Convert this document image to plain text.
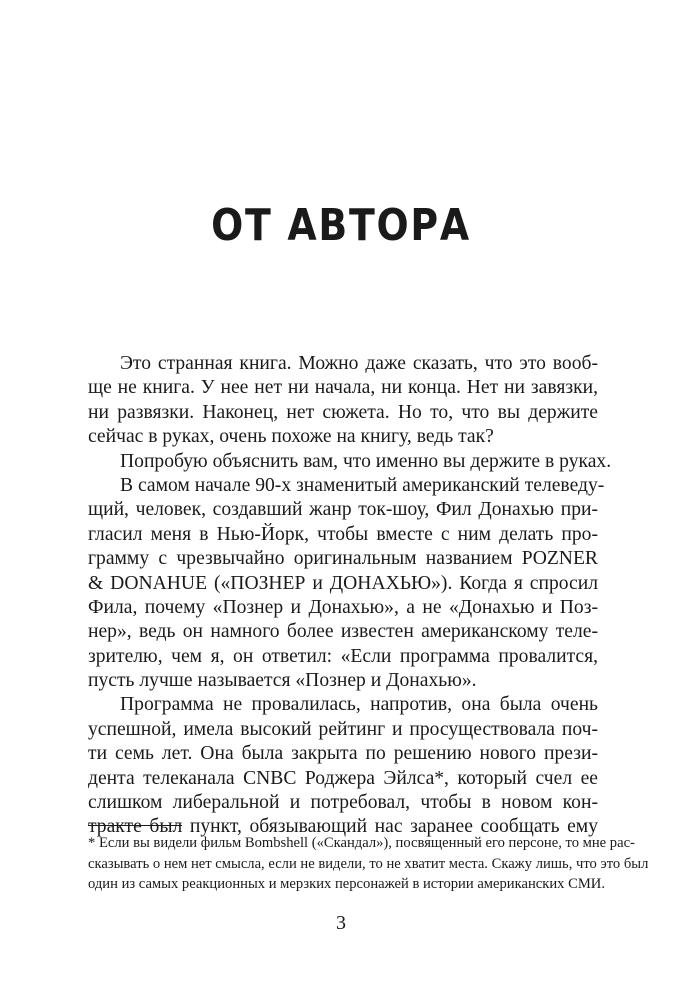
ОТ АВТОРА
Это странная книга. Можно даже сказать, что это вооб-
ще не книга. У нее нет ни начала, ни конца. Нет ни завязки,
ни развязки. Наконец, нет сюжета. Но то, что вы держите
сейчас в руках, очень похоже на книгу, ведь так?
Попробую объяснить вам, что именно вы держите в руках.
В самом начале 90-х знаменитый американский телеведу-
щий, человек, создавший жанр ток-шоу, Фил Донахью при-
гласил меня в Нью-Йорк, чтобы вместе с ним делать про-
грамму с чрезвычайно оригинальным названием POZNER
& DONAHUE («ПОЗНЕР и ДОНАХЬЮ»). Когда я спросил
Фила, почему «Познер и Донахью», а не «Донахью и Поз-
нер», ведь он намного более известен американскому теле-
зрителю, чем я, он ответил: «Если программа провалится,
пусть лучше называется «Познер и Донахью».
Программа не провалилась, напротив, она была очень
успешной, имела высокий рейтинг и просуществовала поч-
ти семь лет. Она была закрыта по решению нового прези-
дента телеканала CNBC Роджера Эйлса*, который счел ее
слишком либеральной и потребовал, чтобы в новом кон-
тракте был пункт, обязывающий нас заранее сообщать ему
* Если вы видели фильм Bombshell («Скандал»), посвященный его персоне, то мне рас-
сказывать о нем нет смысла, если не видели, то не хватит места. Скажу лишь, что это был
один из самых реакционных и мерзких персонажей в истории американских СМИ.
3
